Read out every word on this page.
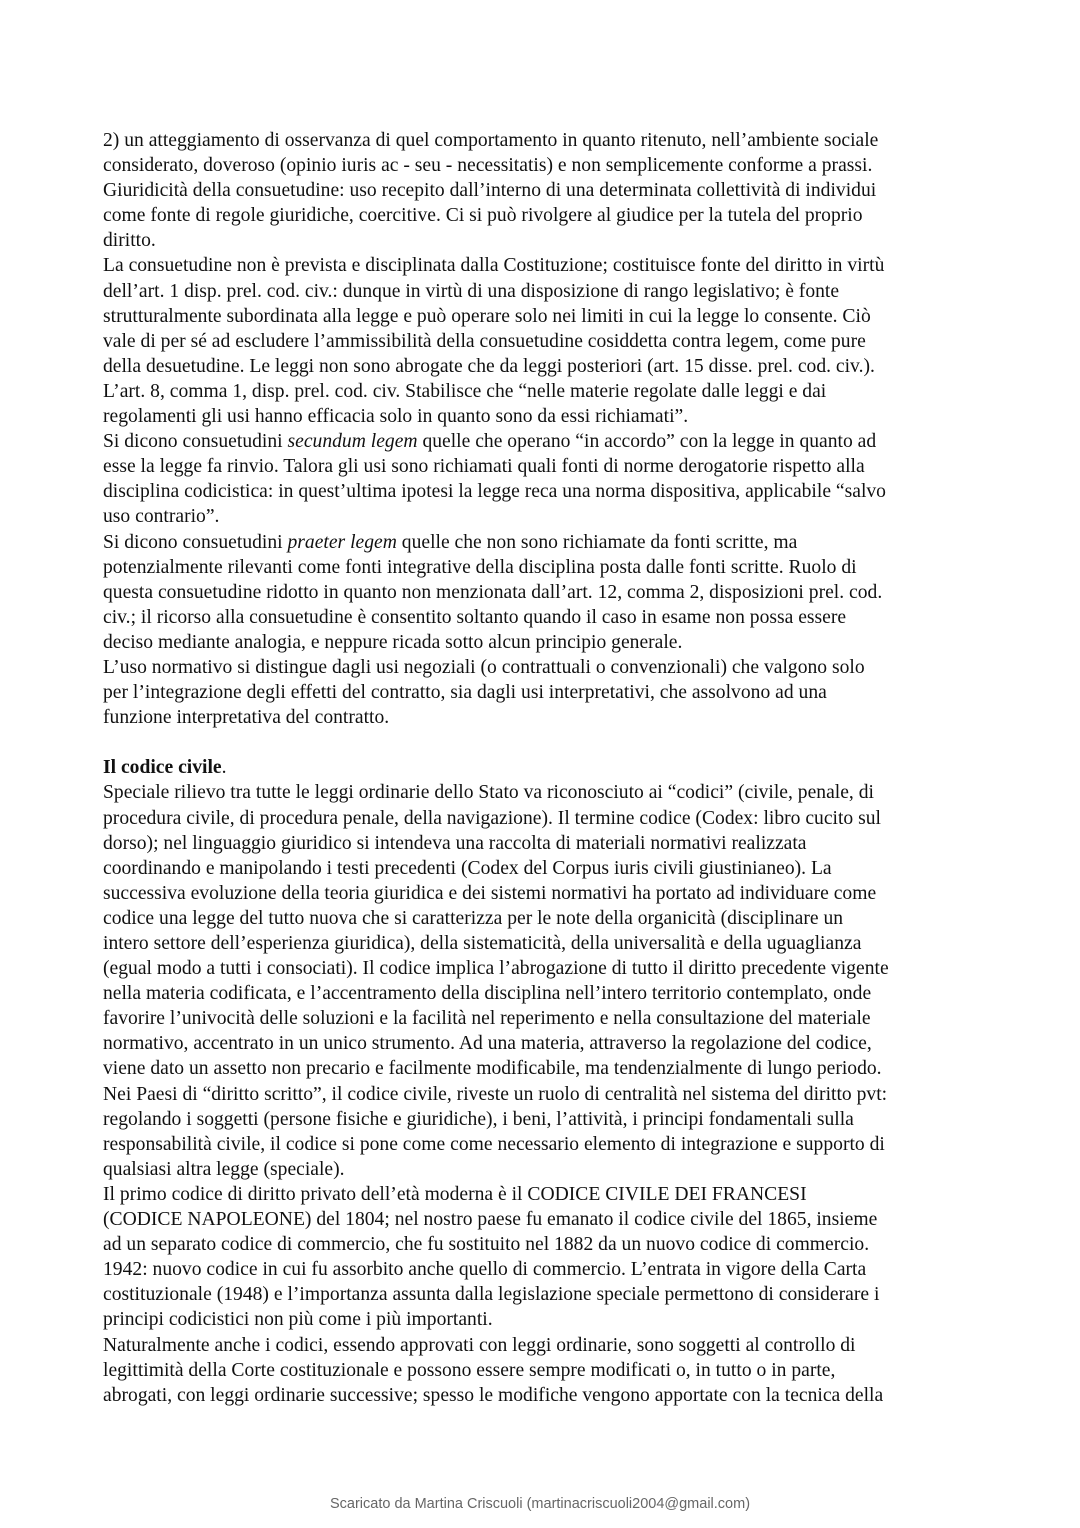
2) un atteggiamento di osservanza di quel comportamento in quanto ritenuto, nell’ambiente sociale
considerato, doveroso (opinio iuris ac - seu - necessitatis) e non semplicemente conforme a prassi.
Giuridicità della consuetudine: uso recepito dall’interno di una determinata collettività di individui
come fonte di regole giuridiche, coercitive. Ci si può rivolgere al giudice per la tutela del proprio
diritto.
La consuetudine non è prevista e disciplinata dalla Costituzione; costituisce fonte del diritto in virtù
dell’art. 1 disp. prel. cod. civ.: dunque in virtù di una disposizione di rango legislativo; è fonte
strutturalmente subordinata alla legge e può operare solo nei limiti in cui la legge lo consente. Ciò
vale di per sé ad escludere l’ammissibilità della consuetudine cosiddetta contra legem, come pure
della desuetudine. Le leggi non sono abrogate che da leggi posteriori (art. 15 disse. prel. cod. civ.).
L’art. 8, comma 1, disp. prel. cod. civ. Stabilisce che “nelle materie regolate dalle leggi e dai
regolamenti gli usi hanno efficacia solo in quanto sono da essi richiamati”.
Si dicono consuetudini secundum legem quelle che operano “in accordo” con la legge in quanto ad
esse la legge fa rinvio. Talora gli usi sono richiamati quali fonti di norme derogatorie rispetto alla
disciplina codicistica: in quest’ultima ipotesi la legge reca una norma dispositiva, applicabile “salvo
uso contrario”.
Si dicono consuetudini praeter legem quelle che non sono richiamate da fonti scritte, ma
potenzialmente rilevanti come fonti integrative della disciplina posta dalle fonti scritte. Ruolo di
questa consuetudine ridotto in quanto non menzionata dall’art. 12, comma 2, disposizioni prel. cod.
civ.; il ricorso alla consuetudine è consentito soltanto quando il caso in esame non possa essere
deciso mediante analogia, e neppure ricada sotto alcun principio generale.
L’uso normativo si distingue dagli usi negoziali (o contrattuali o convenzionali) che valgono solo
per l’integrazione degli effetti del contratto, sia dagli usi interpretativi, che assolvono ad una
funzione interpretativa del contratto.
Il codice civile.
Speciale rilievo tra tutte le leggi ordinarie dello Stato va riconosciuto ai “codici” (civile, penale, di
procedura civile, di procedura penale, della navigazione). Il termine codice (Codex: libro cucito sul
dorso); nel linguaggio giuridico si intendeva una raccolta di materiali normativi realizzata
coordinando e manipolando i testi precedenti (Codex del Corpus iuris civili giustinianeo). La
successiva evoluzione della teoria giuridica e dei sistemi normativi ha portato ad individuare come
codice una legge del tutto nuova che si caratterizza per le note della organicità (disciplinare un
intero settore dell’esperienza giuridica), della sistematicità, della universalità e della uguaglianza
(egual modo a tutti i consociati). Il codice implica l’abrogazione di tutto il diritto precedente vigente
nella materia codificata, e l’accentramento della disciplina nell’intero territorio contemplato, onde
favorire l’univocità delle soluzioni e la facilità nel reperimento e nella consultazione del materiale
normativo, accentrato in un unico strumento. Ad una materia, attraverso la regolazione del codice,
viene dato un assetto non precario e facilmente modificabile, ma tendenzialmente di lungo periodo.
Nei Paesi di “diritto scritto”, il codice civile, riveste un ruolo di centralità nel sistema del diritto pvt:
regolando i soggetti (persone fisiche e giuridiche), i beni, l’attività, i principi fondamentali sulla
responsabilità civile, il codice si pone come come necessario elemento di integrazione e supporto di
qualsiasi altra legge (speciale).
Il primo codice di diritto privato dell’età moderna è il CODICE CIVILE DEI FRANCESI
(CODICE NAPOLEONE) del 1804; nel nostro paese fu emanato il codice civile del 1865, insieme
ad un separato codice di commercio, che fu sostituito nel 1882 da un nuovo codice di commercio.
1942: nuovo codice in cui fu assorbito anche quello di commercio. L’entrata in vigore della Carta
costituzionale (1948) e l’importanza assunta dalla legislazione speciale permettono di considerare i
principi codicistici non più come i più importanti.
Naturalmente anche i codici, essendo approvati con leggi ordinarie, sono soggetti al controllo di
legittimità della Corte costituzionale e possono essere sempre modificati o, in tutto o in parte,
abrogati, con leggi ordinarie successive; spesso le modifiche vengono apportate con la tecnica della
Scaricato da Martina Criscuoli (martinacriscuoli2004@gmail.com)
